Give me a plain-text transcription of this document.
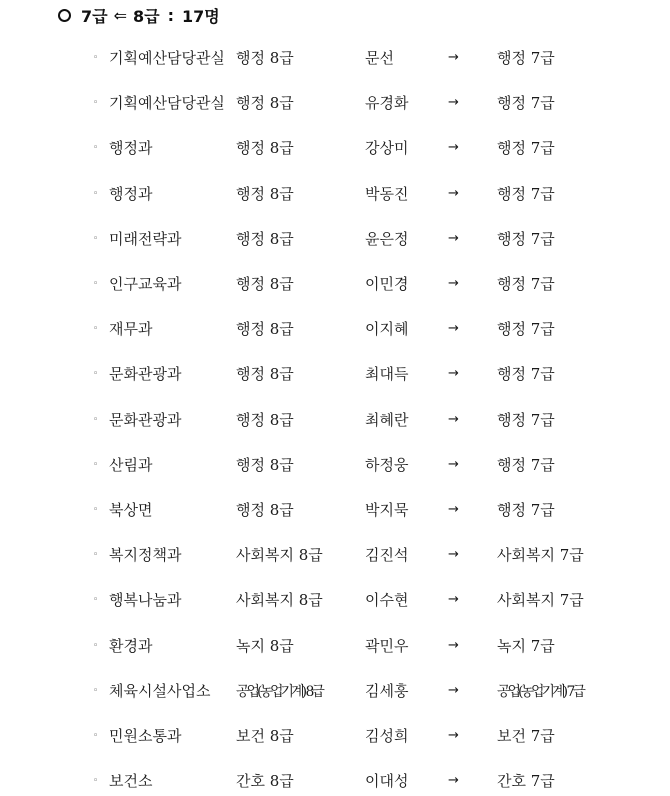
7급 ⇐ 8급 : 17명
◦ 기획예산담당관실 행정 8급	문선	→	행정 7급
◦ 기획예산담당관실 행정 8급	유경화	→	행정 7급
◦ 행정과	행정 8급	강상미	→	행정 7급
◦ 행정과	행정 8급	박동진	→	행정 7급
◦ 미래전략과	행정 8급	윤은정	→	행정 7급
◦ 인구교육과	행정 8급	이민경	→	행정 7급
◦ 재무과	행정 8급	이지혜	→	행정 7급
◦ 문화관광과	행정 8급	최대득	→	행정 7급
◦ 문화관광과	행정 8급	최혜란	→	행정 7급
◦ 산림과	행정 8급	하정웅	→	행정 7급
◦ 북상면	행정 8급	박지묵	→	행정 7급
◦ 복지정책과	사회복지 8급	김진석	→	사회복지 7급
◦ 행복나눔과	사회복지 8급	이수현	→	사회복지 7급
◦ 환경과	녹지 8급	곽민우	→	녹지 7급
◦ 체육시설사업소 공업(농업기계) 8급	김세훙	→	공업(농업기계) 7급
◦ 민원소통과	보건 8급	김성희	→	보건 7급
◦ 보건소	간호 8급	이대성	→	간호 7급
